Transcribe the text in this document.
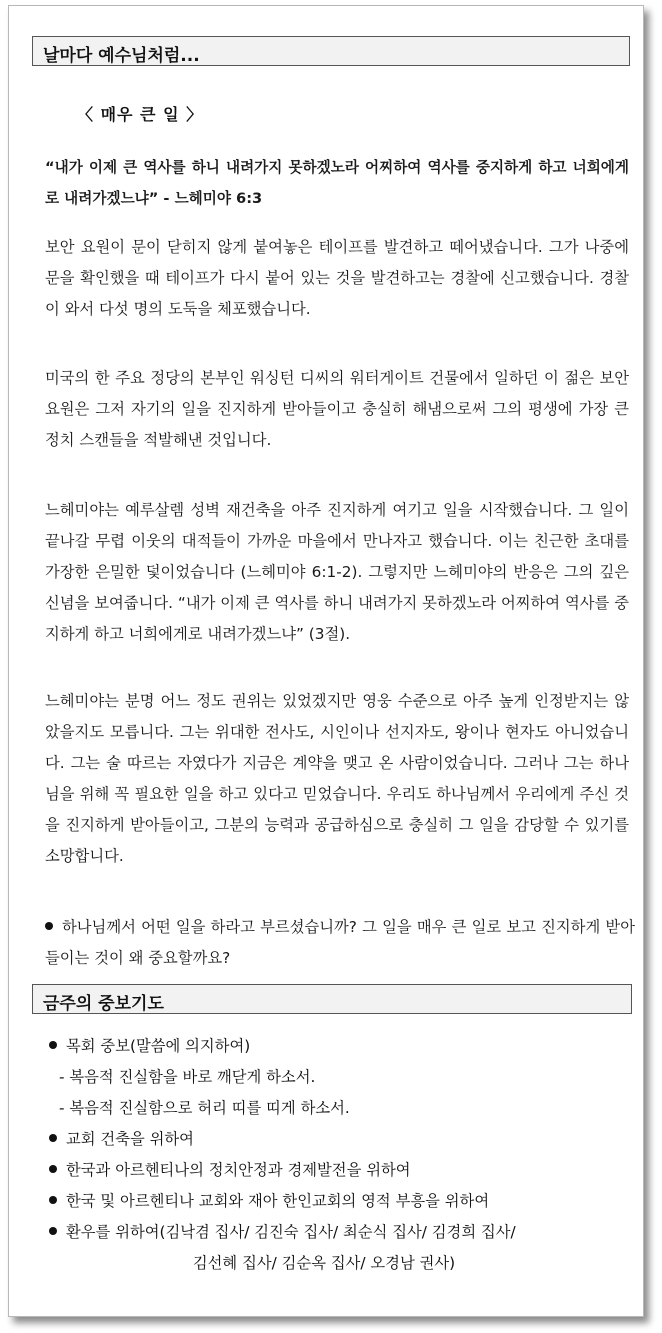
날마다 예수님처럼...
〈 매우 큰 일 〉

“내가 이제 큰 역사를 하니 내려가지 못하겠노라 어찌하여 역사를 중지하게 하고 너희에게로 내려가겠느냐” - 느헤미야 6:3

보안 요원이 문이 닫히지 않게 붙여놓은 테이프를 발견하고 떼어냈습니다. 그가 나중에 문을 확인했을 때 테이프가 다시 붙어 있는 것을 발견하고는 경찰에 신고했습니다. 경찰이 와서 다섯 명의 도둑을 체포했습니다.

미국의 한 주요 정당의 본부인 워싱턴 디씨의 워터게이트 건물에서 일하던 이 젊은 보안 요원은 그저 자기의 일을 진지하게 받아들이고 충실히 해냄으로써 그의 평생에 가장 큰 정치 스캔들을 적발해낸 것입니다.

느헤미야는 예루살렘 성벽 재건축을 아주 진지하게 여기고 일을 시작했습니다. 그 일이 끝나갈 무렵 이웃의 대적들이 가까운 마을에서 만나자고 했습니다. 이는 친근한 초대를 가장한 은밀한 덫이었습니다 (느헤미야 6:1-2). 그렇지만 느헤미야의 반응은 그의 깊은 신념을 보여줍니다. “내가 이제 큰 역사를 하니 내려가지 못하겠노라 어찌하여 역사를 중지하게 하고 너희에게로 내려가겠느냐” (3절).

느헤미야는 분명 어느 정도 권위는 있었겠지만 영웅 수준으로 아주 높게 인정받지는 않았을지도 모릅니다. 그는 위대한 전사도, 시인이나 선지자도, 왕이나 현자도 아니었습니다. 그는 술 따르는 자였다가 지금은 계약을 맺고 온 사람이었습니다. 그러나 그는 하나님을 위해 꼭 필요한 일을 하고 있다고 믿었습니다. 우리도 하나님께서 우리에게 주신 것을 진지하게 받아들이고, 그분의 능력과 공급하심으로 충실히 그 일을 감당할 수 있기를 소망합니다.

하나님께서 어떤 일을 하라고 부르셨습니까? 그 일을 매우 큰 일로 보고 진지하게 받아들이는 것이 왜 중요할까요?

금주의 중보기도
목회 중보(말씀에 의지하여)
- 복음적 진실함을 바로 깨닫게 하소서.
- 복음적 진실함으로 허리 띠를 띠게 하소서.
교회 건축을 위하여
한국과 아르헨티나의 정치안정과 경제발전을 위하여
한국 및 아르헨티나 교회와 재아 한인교회의 영적 부흥을 위하여
환우를 위하여(김낙겸 집사/ 김진숙 집사/ 최순식 집사/ 김경희 집사/
김선혜 집사/ 김순옥 집사/ 오경남 권사)
